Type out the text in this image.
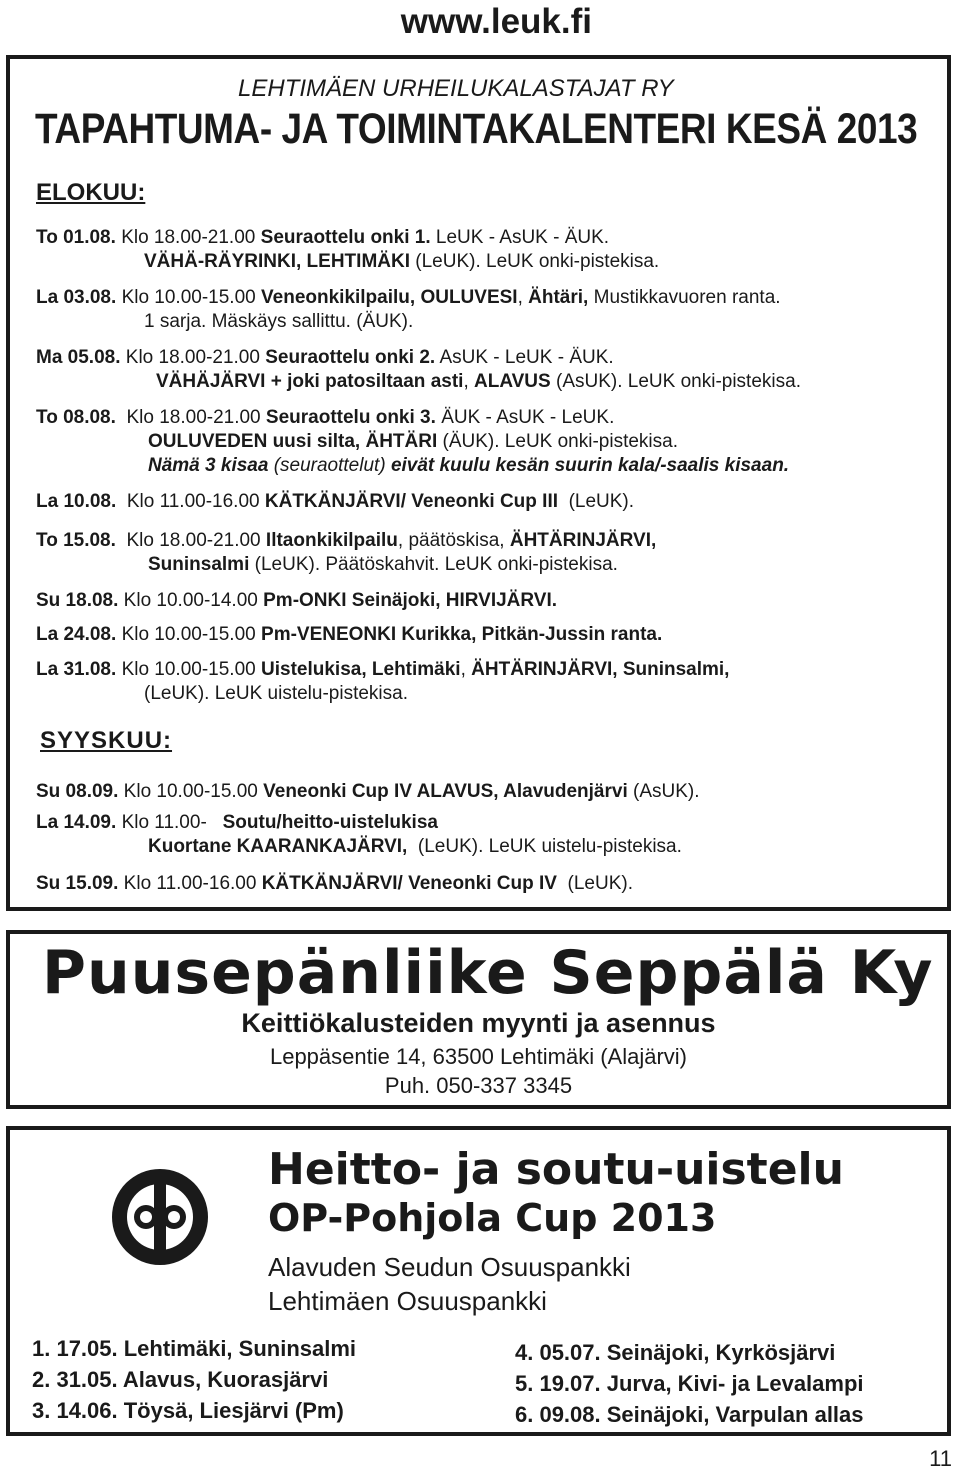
www.leuk.fi
LEHTIMÄEN URHEILUKALASTAJAT RY
TAPAHTUMA- JA TOIMINTAKALENTERI KESÄ 2013
ELOKUU:
To 01.08. Klo 18.00-21.00 Seuraottelu onki 1. LeUK - AsUK - ÄUK.
VÄHÄ-RÄYRINKI, LEHTIMÄKI (LeUK). LeUK onki-pistekisa.
La 03.08. Klo 10.00-15.00 Veneonkikilpailu, OULUVESI, Ähtäri, Mustikkavuoren ranta.
1 sarja. Mäskäys sallittu. (ÄUK).
Ma 05.08. Klo 18.00-21.00 Seuraottelu onki 2. AsUK - LeUK - ÄUK.
VÄHÄJÄRVI + joki patosiltaan asti, ALAVUS (AsUK). LeUK onki-pistekisa.
To 08.08. Klo 18.00-21.00 Seuraottelu onki 3. ÄUK - AsUK - LeUK.
OULUVEDEN uusi silta, ÄHTÄRI (ÄUK). LeUK onki-pistekisa.
Nämä 3 kisaa (seuraottelut) eivät kuulu kesän suurin kala/-saalis kisaan.
La 10.08. Klo 11.00-16.00 KÄTKÄNJÄRVI/ Veneonki Cup III (LeUK).
To 15.08. Klo 18.00-21.00 Iltaonkikilpailu, päätöskisa, ÄHTÄRINJÄRVI,
Suninsalmi (LeUK). Päätöskahvit. LeUK onki-pistekisa.
Su 18.08. Klo 10.00-14.00 Pm-ONKI Seinäjoki, HIRVIJÄRVI.
La 24.08. Klo 10.00-15.00 Pm-VENEONKI Kurikka, Pitkän-Jussin ranta.
La 31.08. Klo 10.00-15.00 Uistelukisa, Lehtimäki, ÄHTÄRINJÄRVI, Suninsalmi,
(LeUK). LeUK uistelu-pistekisa.
SYYSKUU:
Su 08.09. Klo 10.00-15.00 Veneonki Cup IV ALAVUS, Alavudenjärvi (AsUK).
La 14.09. Klo 11.00- Soutu/heitto-uistelukisa
Kuortane KAARANKAJÄRVI, (LeUK). LeUK uistelu-pistekisa.
Su 15.09. Klo 11.00-16.00 KÄTKÄNJÄRVI/ Veneonki Cup IV (LeUK).
Puusepänliike Seppälä Ky
Keittiökalusteiden myynti ja asennus
Leppäsentie 14, 63500 Lehtimäki (Alajärvi)
Puh. 050-337 3345
Heitto- ja soutu-uistelu
OP-Pohjola Cup 2013
Alavuden Seudun Osuuspankki
Lehtimäen Osuuspankki
1. 17.05. Lehtimäki, Suninsalmi
2. 31.05. Alavus, Kuorasjärvi
3. 14.06. Töysä, Liesjärvi (Pm)
4. 05.07. Seinäjoki, Kyrkösjärvi
5. 19.07. Jurva, Kivi- ja Levalampi
6. 09.08. Seinäjoki, Varpulan allas
11
